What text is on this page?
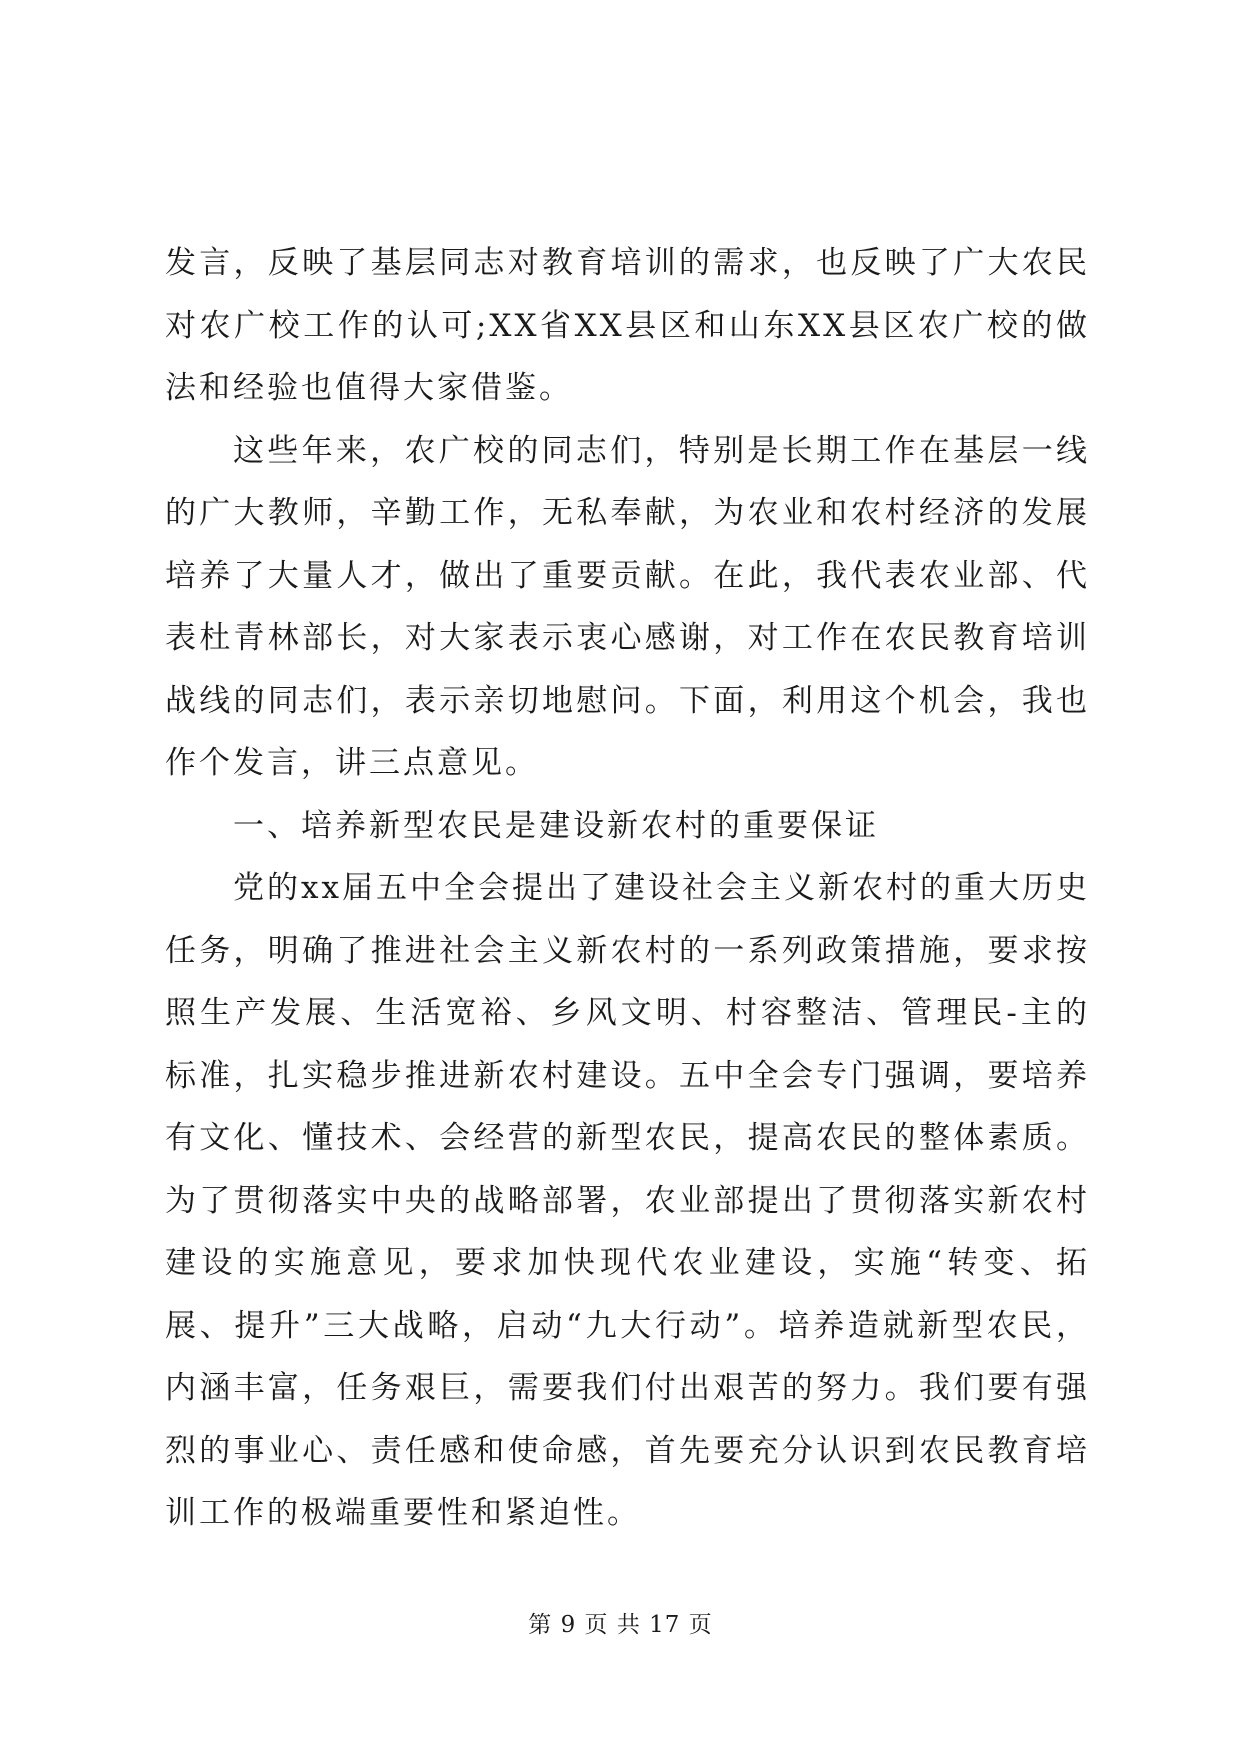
发言，反映了基层同志对教育培训的需求，也反映了广大农民对农广校工作的认可;XX省XX县区和山东XX县区农广校的做法和经验也值得大家借鉴。

这些年来，农广校的同志们，特别是长期工作在基层一线的广大教师，辛勤工作，无私奉献，为农业和农村经济的发展培养了大量人才，做出了重要贡献。在此，我代表农业部、代表杜青林部长，对大家表示衷心感谢，对工作在农民教育培训战线的同志们，表示亲切地慰问。下面，利用这个机会，我也作个发言，讲三点意见。

一、培养新型农民是建设新农村的重要保证

党的xx届五中全会提出了建设社会主义新农村的重大历史任务，明确了推进社会主义新农村的一系列政策措施，要求按照生产发展、生活宽裕、乡风文明、村容整洁、管理民-主的标准，扎实稳步推进新农村建设。五中全会专门强调，要培养有文化、懂技术、会经营的新型农民，提高农民的整体素质。为了贯彻落实中央的战略部署，农业部提出了贯彻落实新农村建设的实施意见，要求加快现代农业建设，实施“转变、拓展、提升”三大战略，启动“九大行动”。培养造就新型农民，内涵丰富，任务艰巨，需要我们付出艰苦的努力。我们要有强烈的事业心、责任感和使命感，首先要充分认识到农民教育培训工作的极端重要性和紧迫性。

第 9 页 共 17 页
